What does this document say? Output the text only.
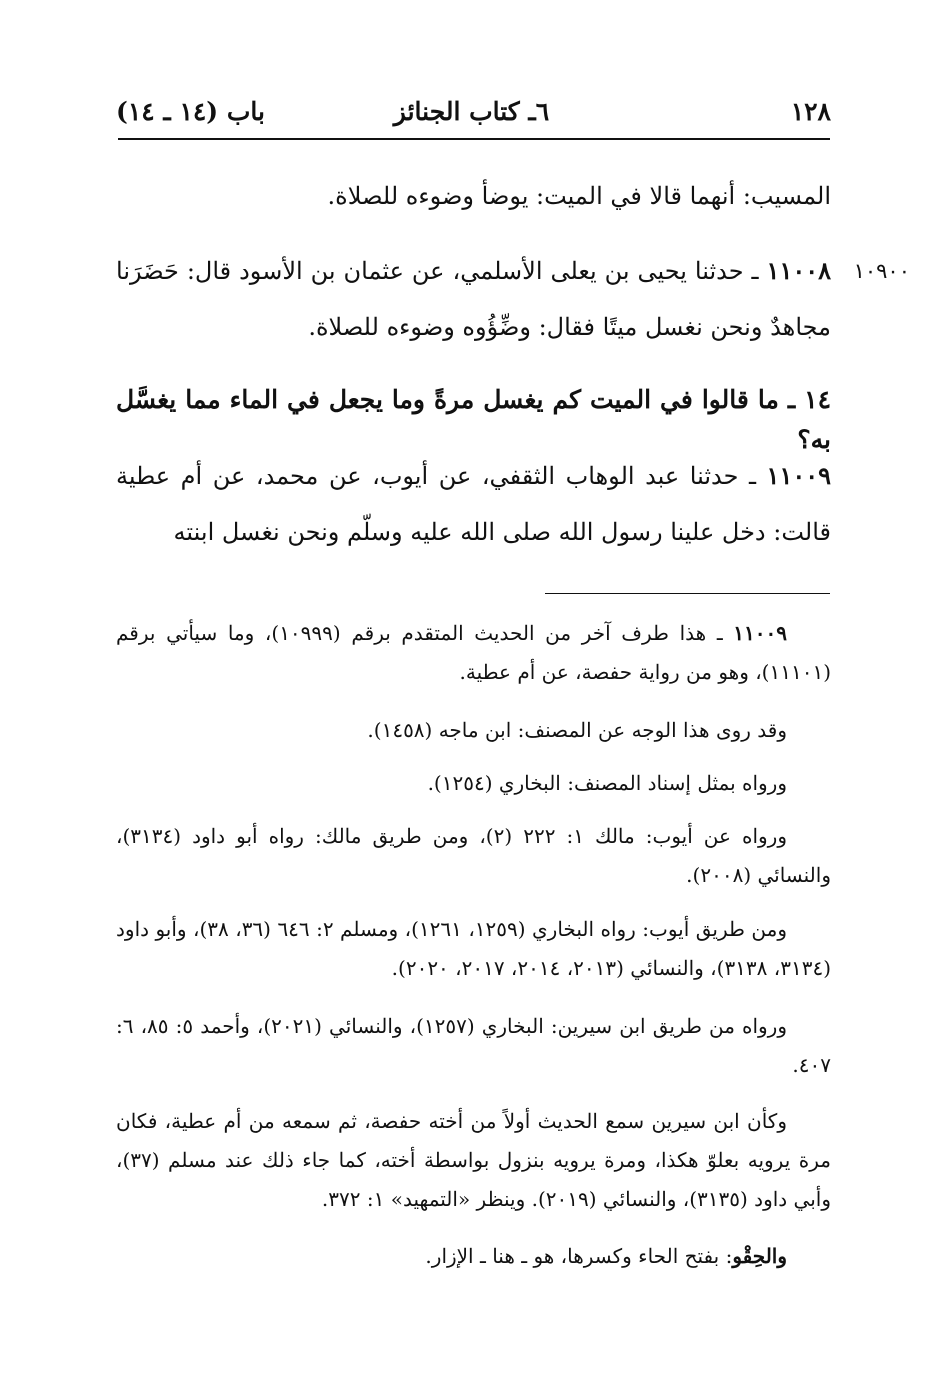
١٢٨
٦ـ كتاب الجنائز
باب (١٤ ـ ١٤)
المسيب: أنهما قالا في الميت: يوضأ وضوءه للصلاة.
١٠٩٠٠
١١٠٠٨ ـ حدثنا يحيى بن يعلى الأسلمي، عن عثمان بن الأسود قال: حَضَرَنا مجاهدٌ ونحن نغسل ميتًا فقال: وضِّؤُوه وضوءه للصلاة.
١٤ ـ ما قالوا في الميت كم يغسل مرةً وما يجعل في الماء مما يغسَّل به؟
١١٠٠٩ ـ حدثنا عبد الوهاب الثقفي، عن أيوب، عن محمد، عن أم عطية قالت: دخل علينا رسول الله صلى الله عليه وسلّم ونحن نغسل ابنته
١١٠٠٩ ـ هذا طرف آخر من الحديث المتقدم برقم (١٠٩٩٩)، وما سيأتي برقم (١١١٠١)، وهو من رواية حفصة، عن أم عطية.
وقد روى هذا الوجه عن المصنف: ابن ماجه (١٤٥٨).
ورواه بمثل إسناد المصنف: البخاري (١٢٥٤).
ورواه عن أيوب: مالك ١: ٢٢٢ (٢)، ومن طريق مالك: رواه أبو داود (٣١٣٤)، والنسائي (٢٠٠٨).
ومن طريق أيوب: رواه البخاري (١٢٥٩، ١٢٦١)، ومسلم ٢: ٦٤٦ (٣٦، ٣٨)، وأبو داود (٣١٣٤، ٣١٣٨)، والنسائي (٢٠١٣، ٢٠١٤، ٢٠١٧، ٢٠٢٠).
ورواه من طريق ابن سيرين: البخاري (١٢٥٧)، والنسائي (٢٠٢١)، وأحمد ٥: ٨٥، ٦: ٤٠٧.
وكأن ابن سيرين سمع الحديث أولاً من أخته حفصة، ثم سمعه من أم عطية، فكان مرة يرويه بعلوّ هكذا، ومرة يرويه بنزول بواسطة أخته، كما جاء ذلك عند مسلم (٣٧)، وأبي داود (٣١٣٥)، والنسائي (٢٠١٩). وينظر «التمهيد» ١: ٣٧٢.
والحِقْو: بفتح الحاء وكسرها، هو ـ هنا ـ الإزار.
